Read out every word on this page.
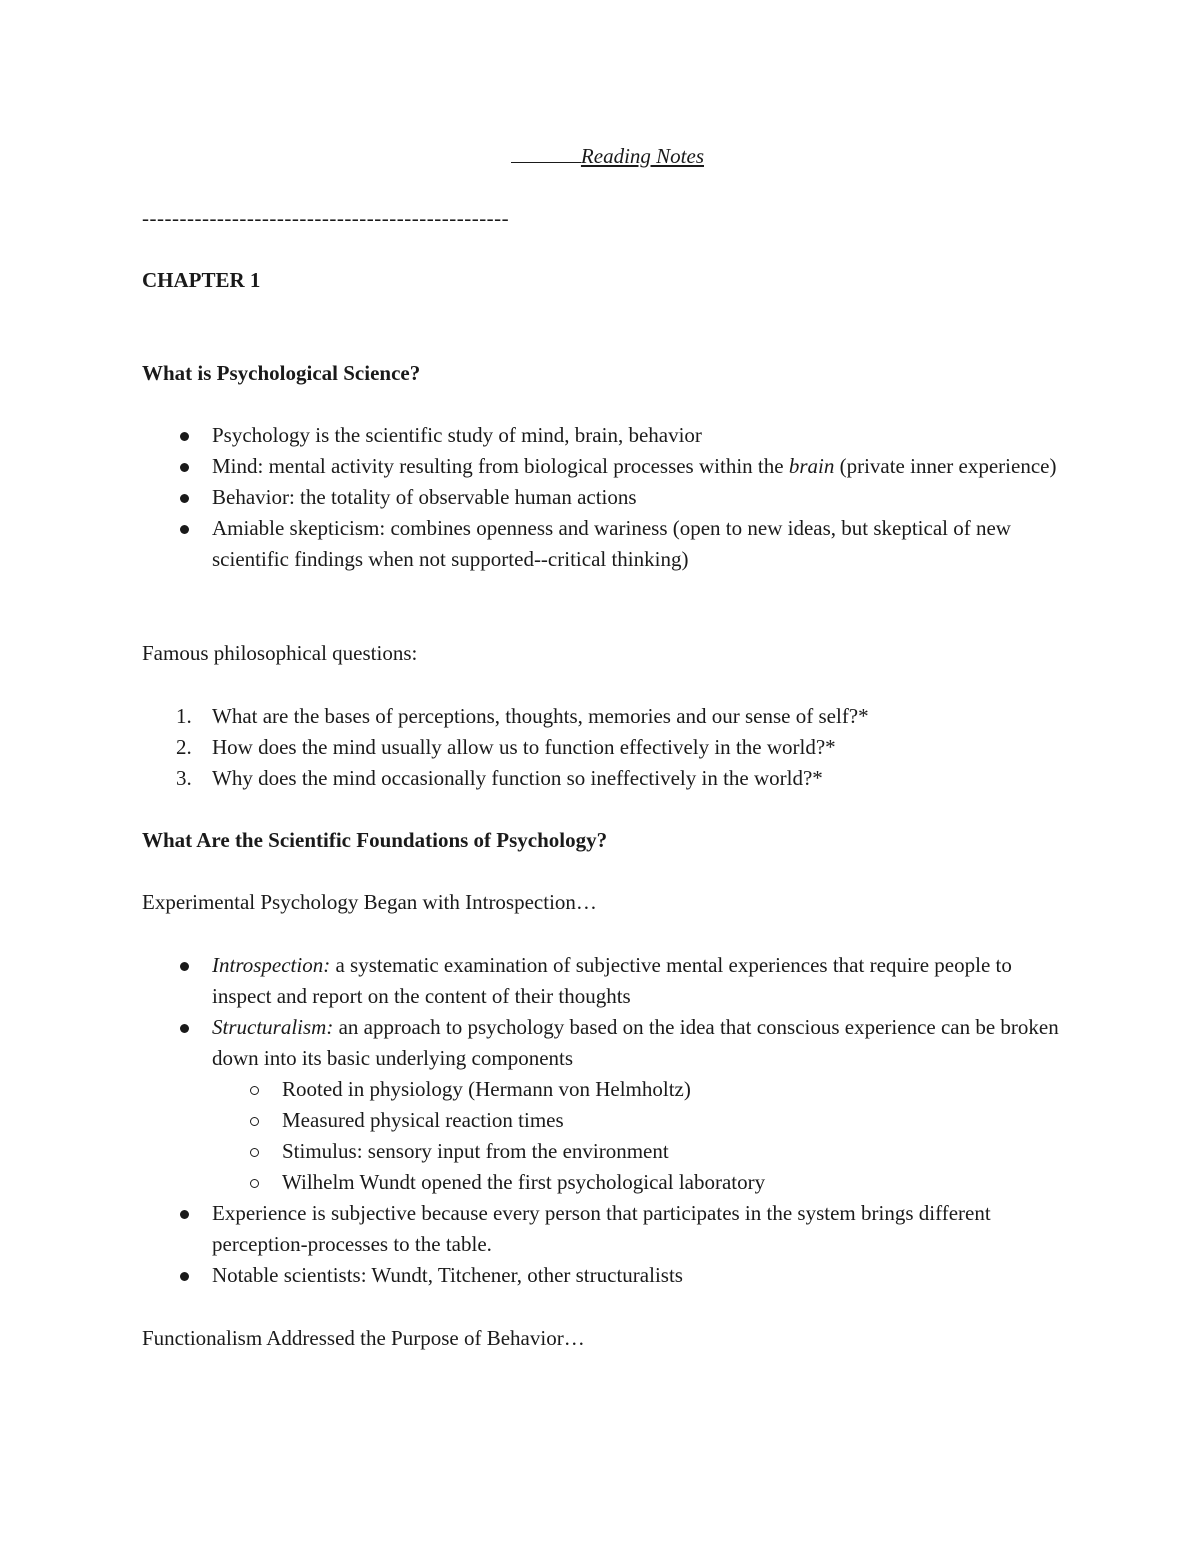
Reading Notes
-------------------------------------------------
CHAPTER 1
What is Psychological Science?
Psychology is the scientific study of mind, brain, behavior
Mind: mental activity resulting from biological processes within the brain (private inner experience)
Behavior: the totality of observable human actions
Amiable skepticism: combines openness and wariness (open to new ideas, but skeptical of new scientific findings when not supported--critical thinking)
Famous philosophical questions:
1. What are the bases of perceptions, thoughts, memories and our sense of self?*
2. How does the mind usually allow us to function effectively in the world?*
3. Why does the mind occasionally function so ineffectively in the world?*
What Are the Scientific Foundations of Psychology?
Experimental Psychology Began with Introspection…
Introspection: a systematic examination of subjective mental experiences that require people to inspect and report on the content of their thoughts
Structuralism: an approach to psychology based on the idea that conscious experience can be broken down into its basic underlying components
Rooted in physiology (Hermann von Helmholtz)
Measured physical reaction times
Stimulus: sensory input from the environment
Wilhelm Wundt opened the first psychological laboratory
Experience is subjective because every person that participates in the system brings different perception-processes to the table.
Notable scientists: Wundt, Titchener, other structuralists
Functionalism Addressed the Purpose of Behavior…
